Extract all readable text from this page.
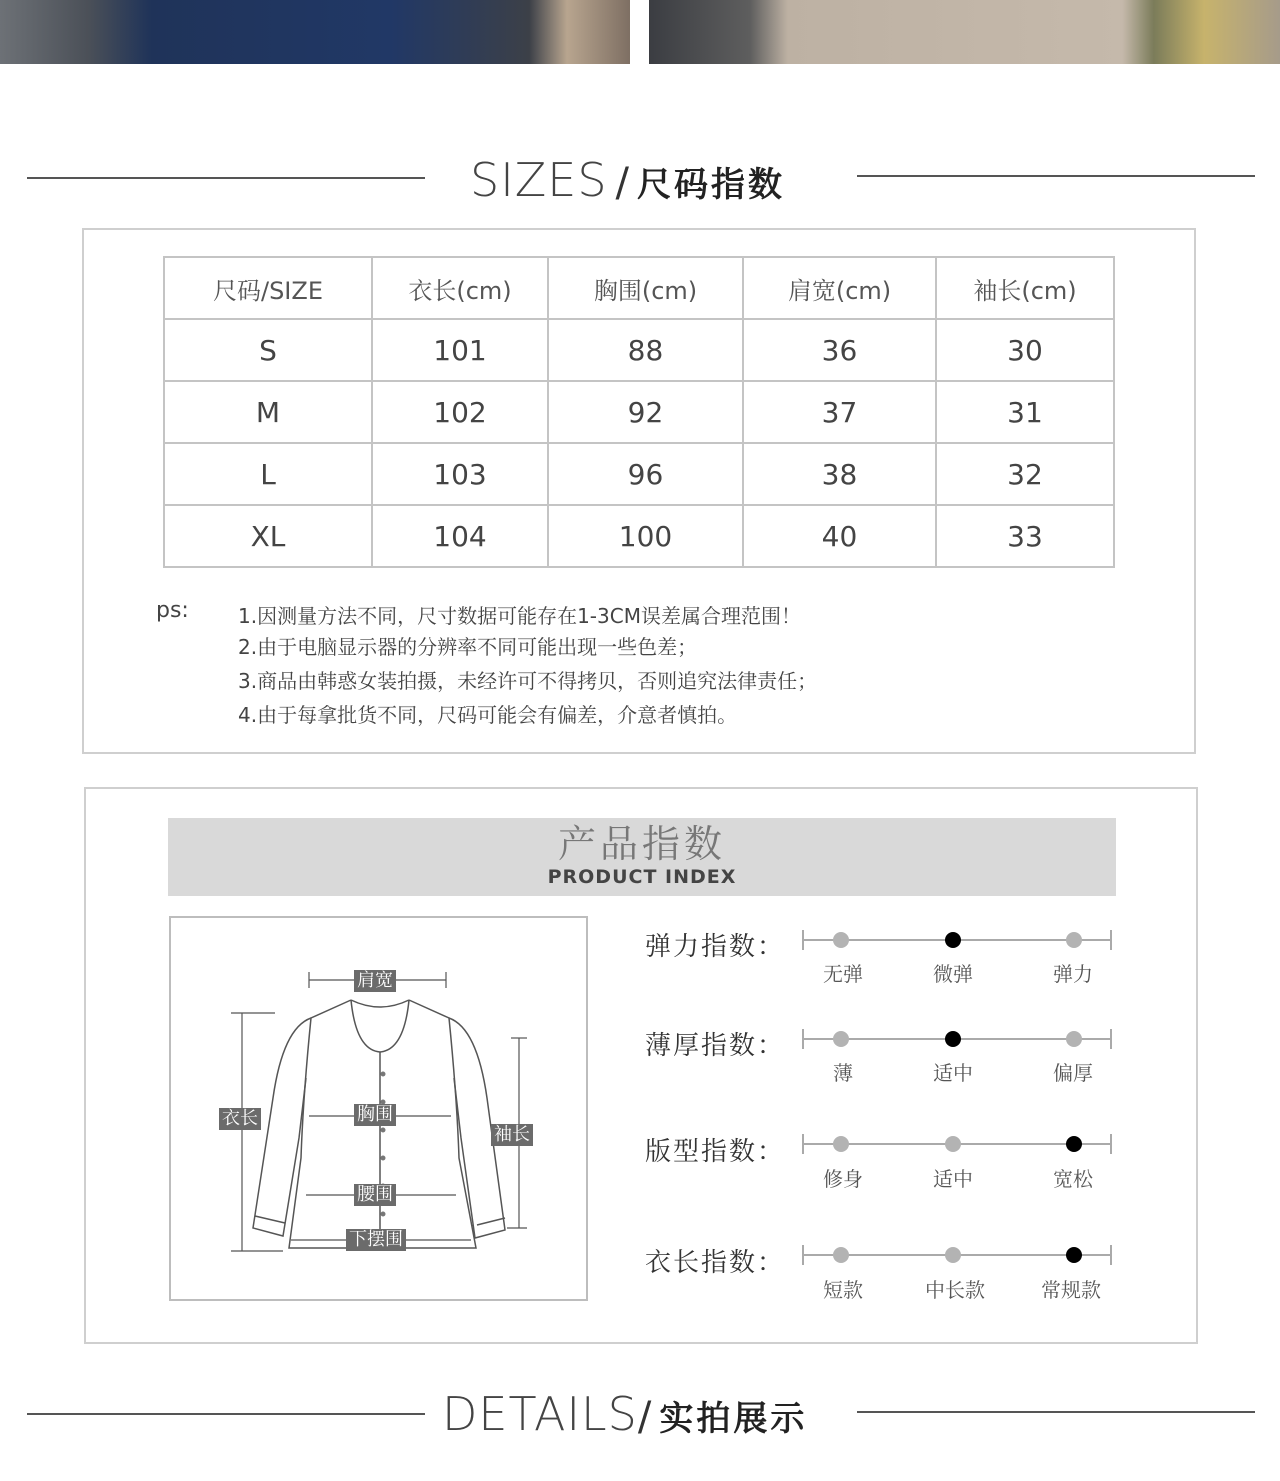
SIZES / 尺码指数
尺码/SIZE	衣长(cm)	胸围(cm)	肩宽(cm)	袖长(cm)
S	101	88	36	30
M	102	92	37	31
L	103	96	38	32
XL	104	100	40	33
ps: 1.因测量方法不同，尺寸数据可能存在1-3CM误差属合理范围！
2.由于电脑显示器的分辨率不同可能出现一些色差；
3.商品由韩惑女装拍摄，未经许可不得拷贝，否则追究法律责任；
4.由于每拿批货不同，尺码可能会有偏差，介意者慎拍。
产品指数
PRODUCT INDEX
肩宽
衣长	胸围
袖长
腰围
下摆围
弹力指数：
无弹	微弹	弹力
薄厚指数：
薄	适中	偏厚
版型指数：
修身	适中	宽松
衣长指数：
短款	中长款	常规款
DETAILS / 实拍展示
